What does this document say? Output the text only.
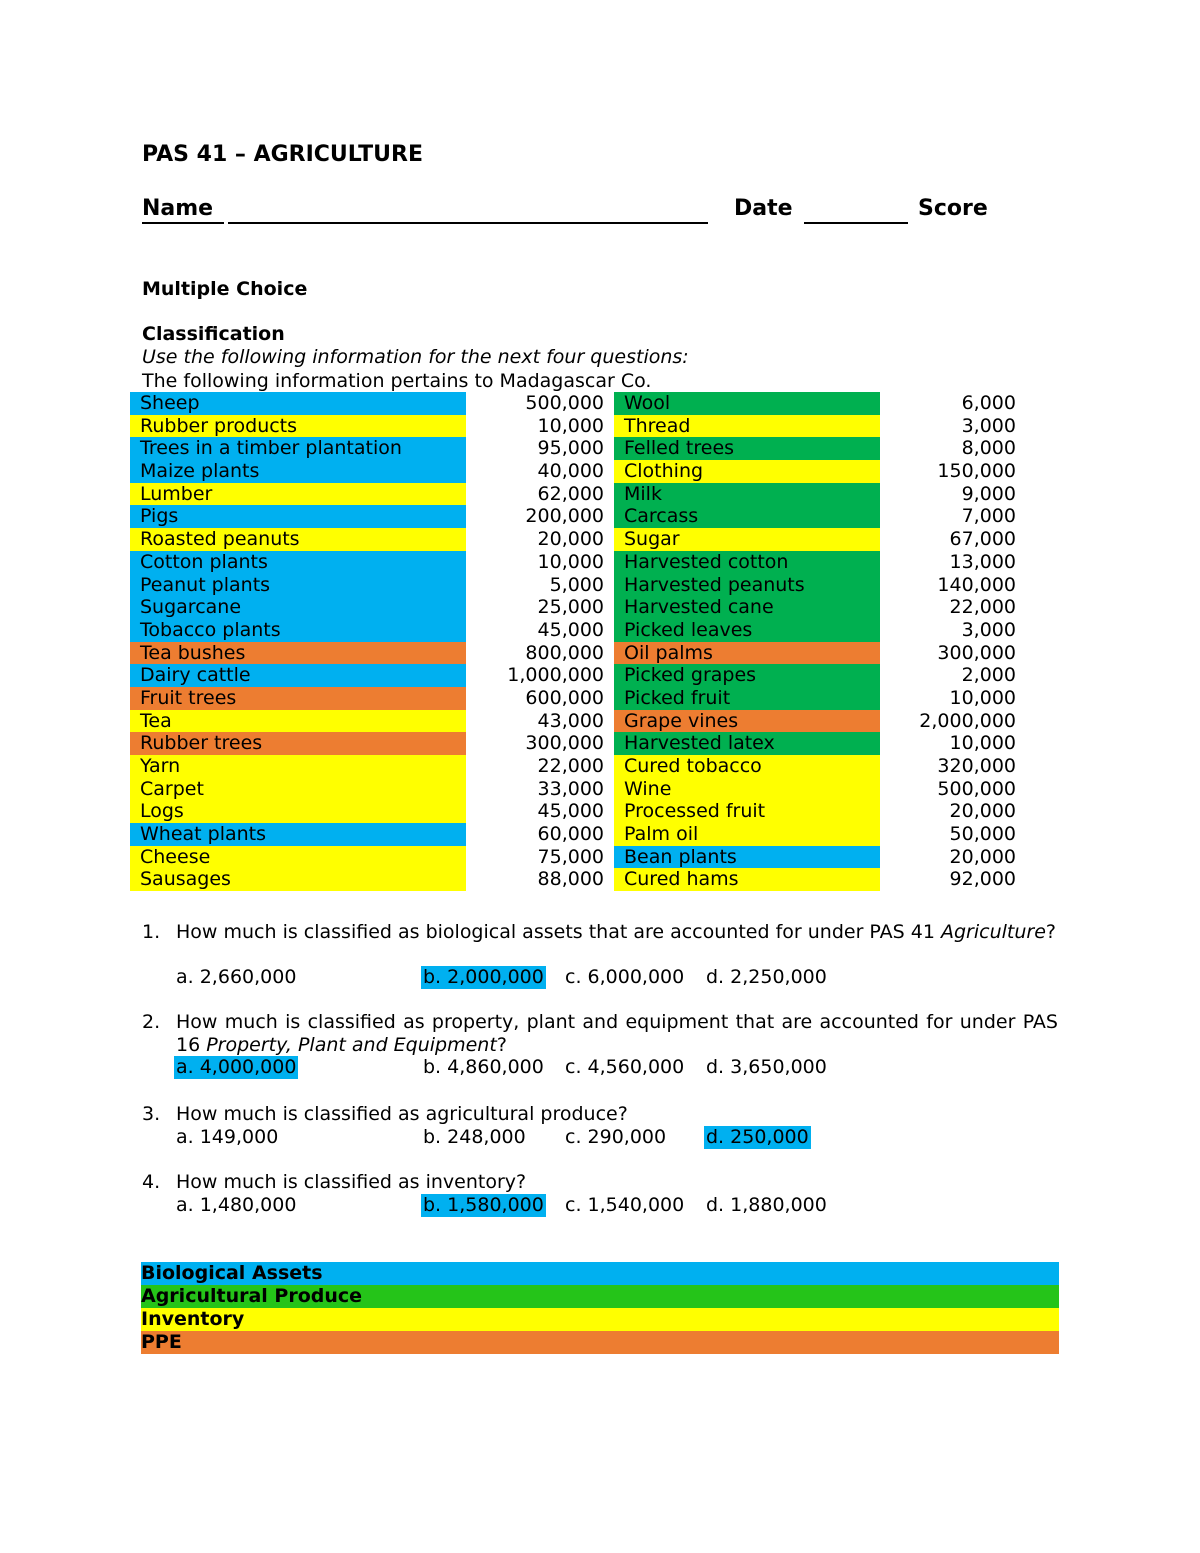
PAS 41 – AGRICULTURE
Name	Date	Score
Multiple Choice
Classification
Use the following information for the next four questions:
The following information pertains to Madagascar Co.
Sheep	500,000	Wool	6,000
Rubber products	10,000	Thread	3,000
Trees in a timber plantation	95,000	Felled trees	8,000
Maize plants	40,000	Clothing	150,000
Lumber	62,000	Milk	9,000
Pigs	200,000	Carcass	7,000
Roasted peanuts	20,000	Sugar	67,000
Cotton plants	10,000	Harvested cotton	13,000
Peanut plants	5,000	Harvested peanuts	140,000
Sugarcane	25,000	Harvested cane	22,000
Tobacco plants	45,000	Picked leaves	3,000
Tea bushes	800,000	Oil palms	300,000
Dairy cattle	1,000,000	Picked grapes	2,000
Fruit trees	600,000	Picked fruit	10,000
Tea	43,000	Grape vines	2,000,000
Rubber trees	300,000	Harvested latex	10,000
Yarn	22,000	Cured tobacco	320,000
Carpet	33,000	Wine	500,000
Logs	45,000	Processed fruit	20,000
Wheat plants	60,000	Palm oil	50,000
Cheese	75,000	Bean plants	20,000
Sausages	88,000	Cured hams	92,000
1. How much is classified as biological assets that are accounted for under PAS 41 Agriculture?
a. 2,660,000	b. 2,000,000 c. 6,000,000 d. 2,250,000
2. How much is classified as property, plant and equipment that are accounted for under PAS 16 Property, Plant and Equipment?
a. 4,000,000	b. 4,860,000 c. 4,560,000 d. 3,650,000
3. How much is classified as agricultural produce?
a. 149,000	b. 248,000 c. 290,000 d. 250,000
4. How much is classified as inventory?
a. 1,480,000	b. 1,580,000 c. 1,540,000 d. 1,880,000
Biological Assets
Agricultural Produce
Inventory
PPE
